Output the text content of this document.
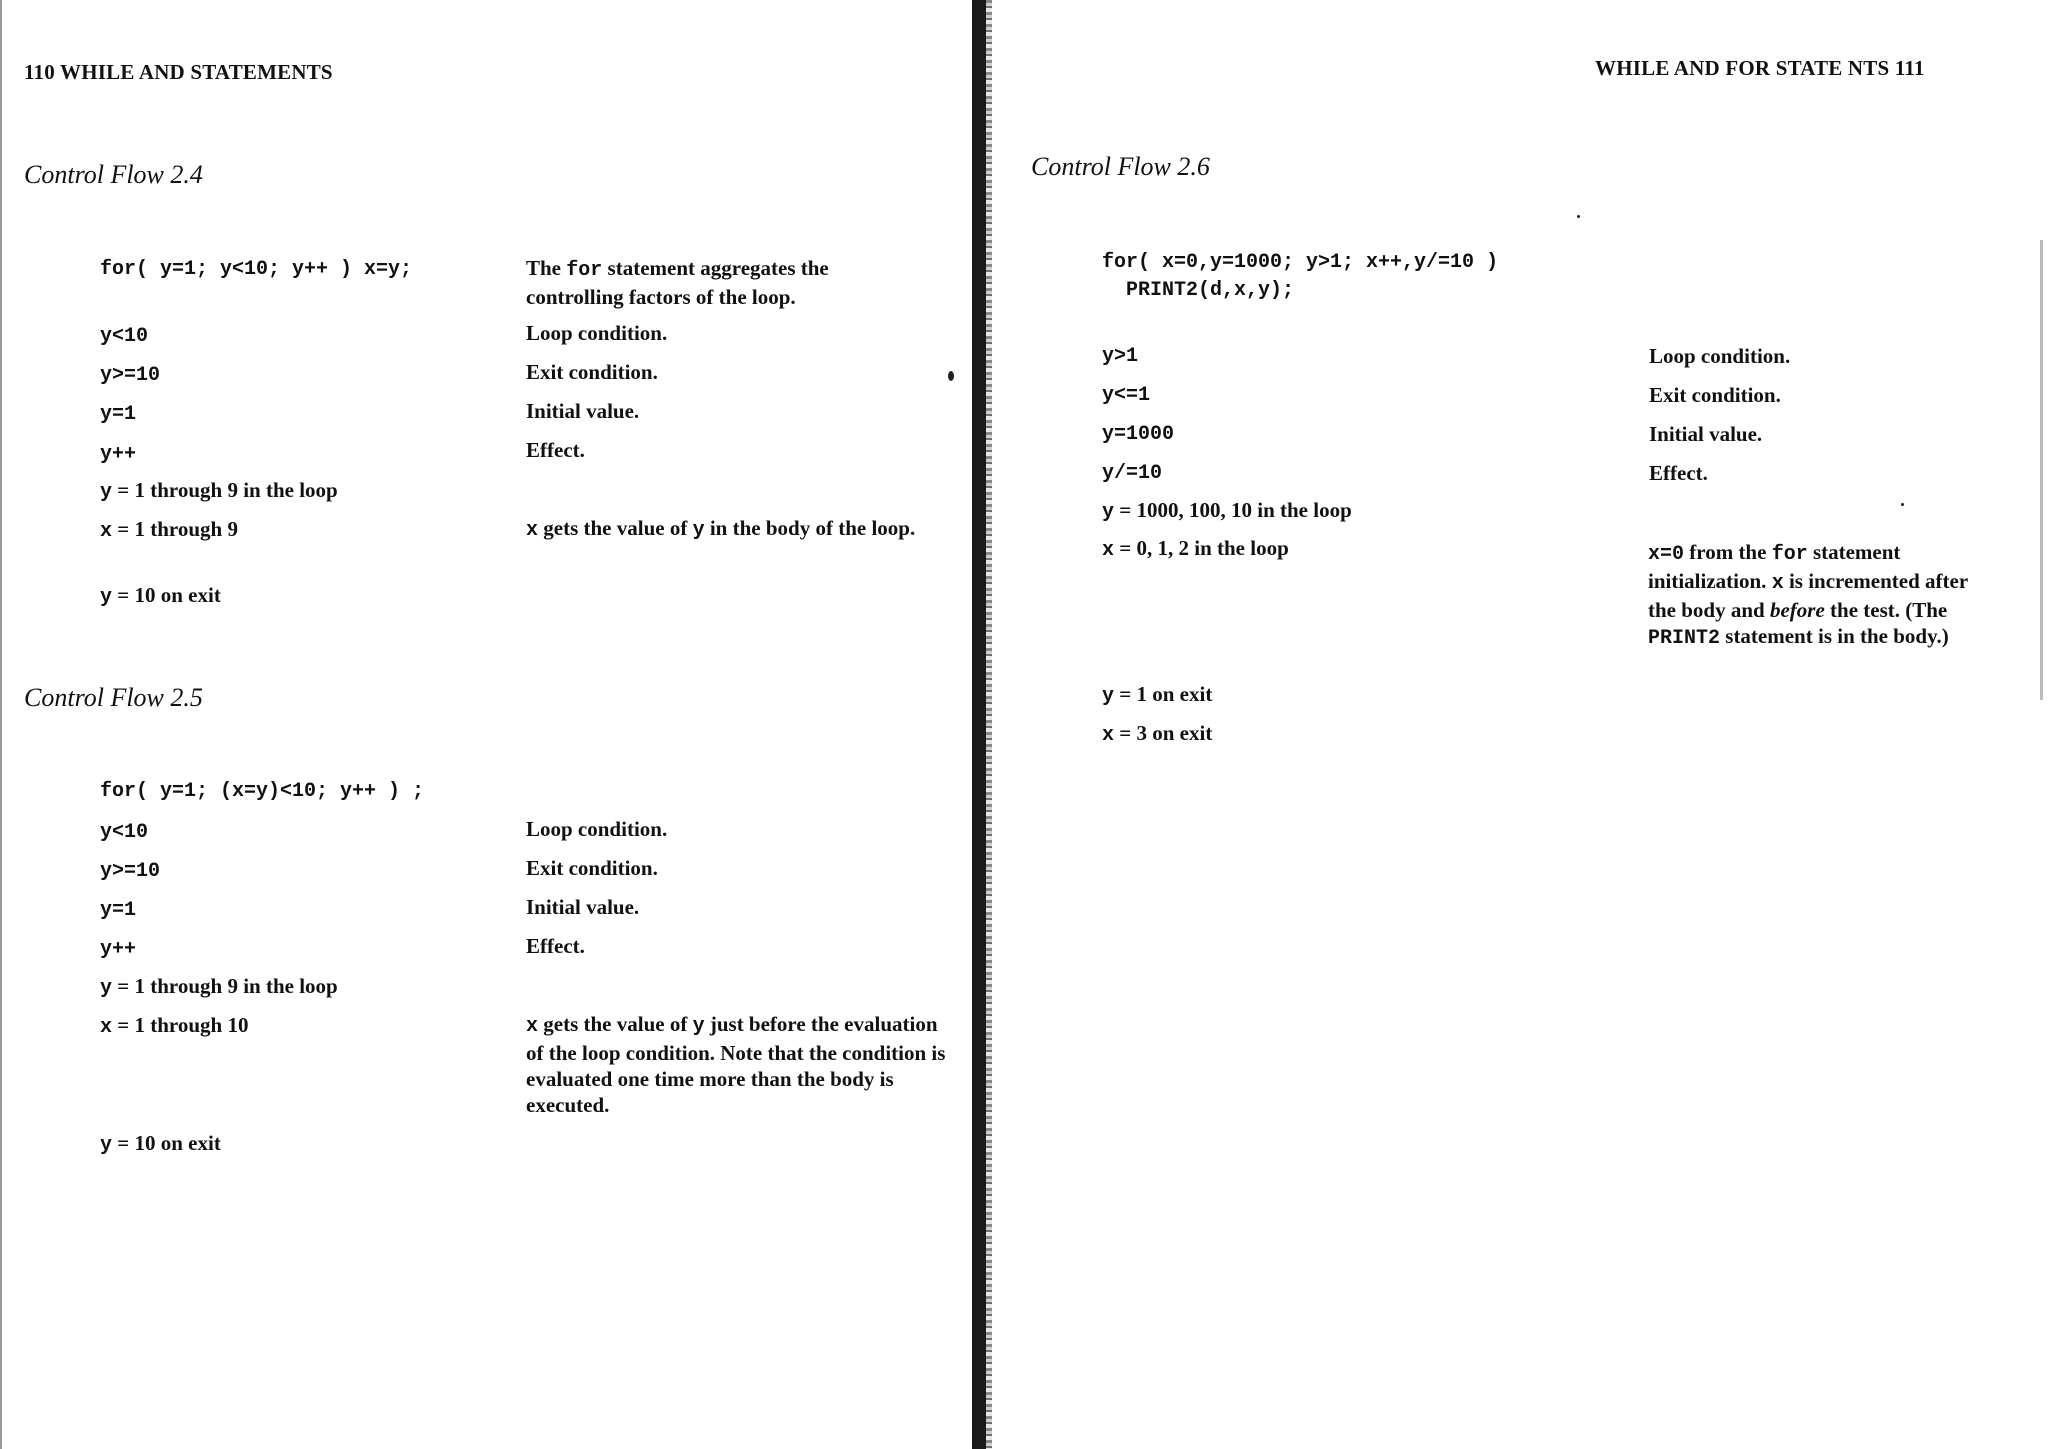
110 WHILE AND STATEMENTS
Control Flow 2.4
for( y=1; y<10; y++ ) x=y;	The for statement aggregates the controlling factors of the loop.
y<10	Loop condition.
y>=10	Exit condition.
y=1	Initial value.
y++	Effect.
y = 1 through 9 in the loop
x = 1 through 9	x gets the value of y in the body of the loop.
y = 10 on exit
Control Flow 2.5
for( y=1; (x=y)<10; y++ ) ;
y<10	Loop condition.
y>=10	Exit condition.
y=1	Initial value.
y++	Effect.
y = 1 through 9 in the loop
x = 1 through 10	x gets the value of y just before the evaluation of the loop condition. Note that the condition is evaluated one time more than the body is executed.
y = 10 on exit
WHILE AND FOR STATE NTS 111
Control Flow 2.6
for( x=0,y=1000; y>1; x++,y/=10 )
PRINT2(d,x,y);
y>1	Loop condition.
y<=1	Exit condition.
y=1000	Initial value.
y/=10	Effect.
y = 1000, 100, 10 in the loop
x = 0, 1, 2 in the loop	x=0 from the for statement initialization. x is incremented after the body and before the test. (The PRINT2 statement is in the body.)
y = 1 on exit
x = 3 on exit
